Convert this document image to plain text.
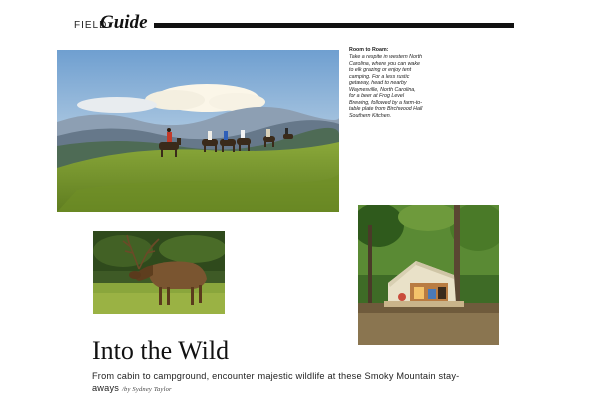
FIELD
Guide
Room to Roam:
Take a respite in western North Carolina, where you can wake to elk grazing or enjoy tent camping. For a less rustic getaway, head to nearby Waynesville, North Carolina, for a beer at Frog Level Brewing, followed by a farm-to-table plate from Birchwood Hall Southern Kitchen.
Into the Wild
From cabin to campground, encounter majestic wildlife at these Smoky Mountain stay-aways /by Sydney Taylor
